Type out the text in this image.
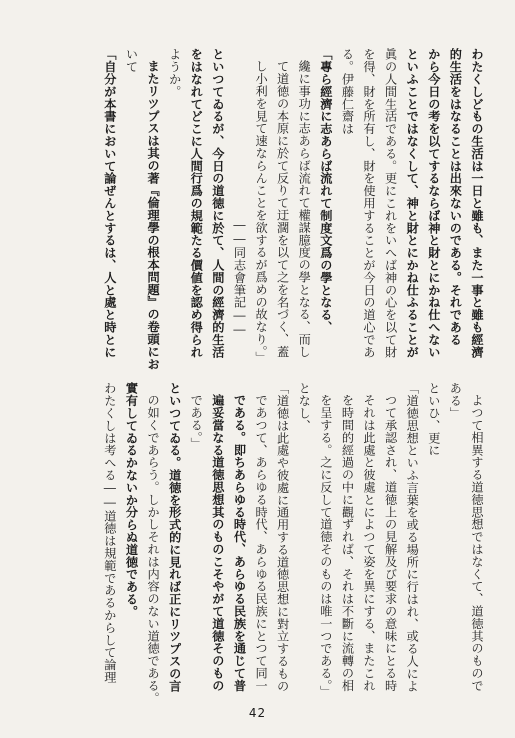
わたくしどもの生活は一日と雖も、また一事と雖も經濟

的生活をはなることは出來ないのである。それである

から今日の考を以てするならば神と財とにかね仕へない

といふことではなくして、神と財とにかね仕ふることが

眞の人間生活である。更にこれをいへば神の心を以て財

を得、財を所有し、財を使用することが今日の道心であ

る。伊藤仁齋は

「專ら經濟に志あらば流れて制度文爲の學となる、

纔に事功に志あらば流れて權謀臆度の學となる、而し

て道徳の本原に於て反りて迂濶を以て之を名づく、蓋

し小利を見て速ならんことを欲するが爲めの故なり。」

――同志會筆記――

といつてゐるが、今日の道徳に於て、人間の經濟的生活

をはなれてどこに人間行爲の規範たる價値を認め得られ

ようか。

またリツプスは其の著『倫理學の根本問題』の卷頭にお

いて

「自分が本書において論ぜんとするは、人と處と時とに

よつて相異する道徳思想ではなくて、道徳其のもので

ある」

といひ、更に

「道徳思想といふ言葉を或る場所に行はれ、或る人によ

つて承認され、道徳上の見解及び要求の意味にとる時

それは此處と彼處とによつて姿を異にする、またこれ

を時間的經過の中に觀ずれば、それは不斷に流轉の相

を呈する。之に反して道徳そのものは唯一つである。」

となし、

「道徳は此處や彼處に通用する道徳思想に對立するもの

であつて、あらゆる時代、あらゆる民族にとつて同一

である。即ちあらゆる時代、あらゆる民族を通じて普

遍妥當なる道徳思想其のものこそやがて道徳そのもの

である。」

といつてゐる。道徳を形式的に見れば正にリツプスの言

の如くであらう。しかしそれは内容のない道徳である。

實有してゐるかないか分らぬ道徳である。

わたくしは考へる――道徳は規範であるからして論理

42
